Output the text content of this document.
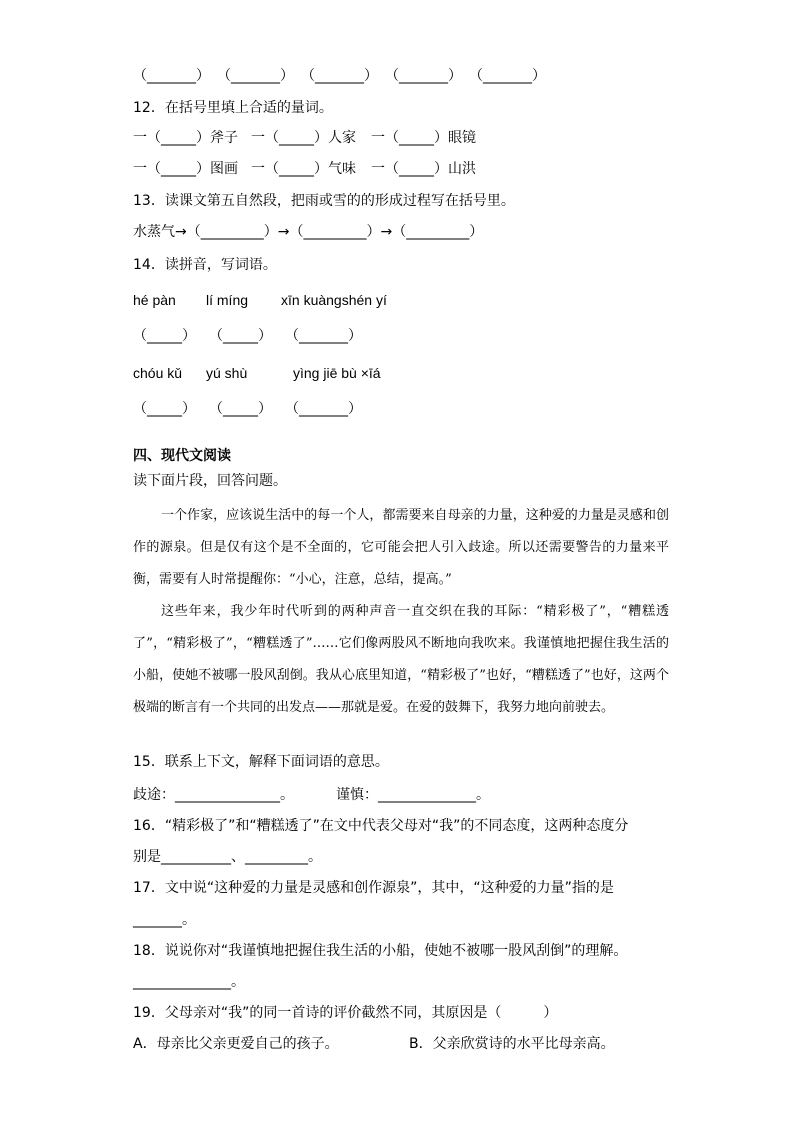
（_______） （_______） （_______） （_______） （_______）
12．在括号里填上合适的量词。
一（_____）斧子 一（_____）人家 一（_____）眼镜
一（_____）图画 一（_____）气味 一（_____）山洪
13．读课文第五自然段，把雨或雪的的形成过程写在括号里。
水蒸气→（_________）→（_________）→（_________）
14．读拼音，写词语。
hé pàn lí míng xīn kuàngshén yí
（_____） （_____） （_______）
chóu kǔ yú shù	yìng jiē bù ×īá
（_____） （_____） （_______）
四、现代文阅读
读下面片段，回答问题。

一个作家，应该说生活中的每一个人，都需要来自母亲的力量，这种爱的力量是灵感和创作的源泉。但是仅有这个是不全面的，它可能会把人引入歧途。所以还需要警告的力量来平衡，需要有人时常提醒你：“小心，注意，总结，提高。”

这些年来，我少年时代听到的两种声音一直交织在我的耳际：“精彩极了”，“糟糕透了”，“精彩极了”，“糟糕透了”……它们像两股风不断地向我吹来。我谨慎地把握住我生活的小船，使她不被哪一股风刮倒。我从心底里知道，“精彩极了”也好，“糟糕透了”也好，这两个极端的断言有一个共同的出发点——那就是爱。在爱的鼓舞下，我努力地向前驶去。

15．联系上下文，解释下面词语的意思。
歧途：_______________。	谨慎：______________。
16．“精彩极了”和“糟糕透了”在文中代表父母对“我”的不同态度，这两种态度分
别是__________、_________。
17．文中说“这种爱的力量是灵感和创作源泉”，其中，“这种爱的力量”指的是
_______。
18．说说你对“我谨慎地把握住我生活的小船，使她不被哪一股风刮倒”的理解。
______________。
19．父母亲对“我”的同一首诗的评价截然不同，其原因是（　　　）
A．母亲比父亲更爱自己的孩子。	B．父亲欣赏诗的水平比母亲高。
